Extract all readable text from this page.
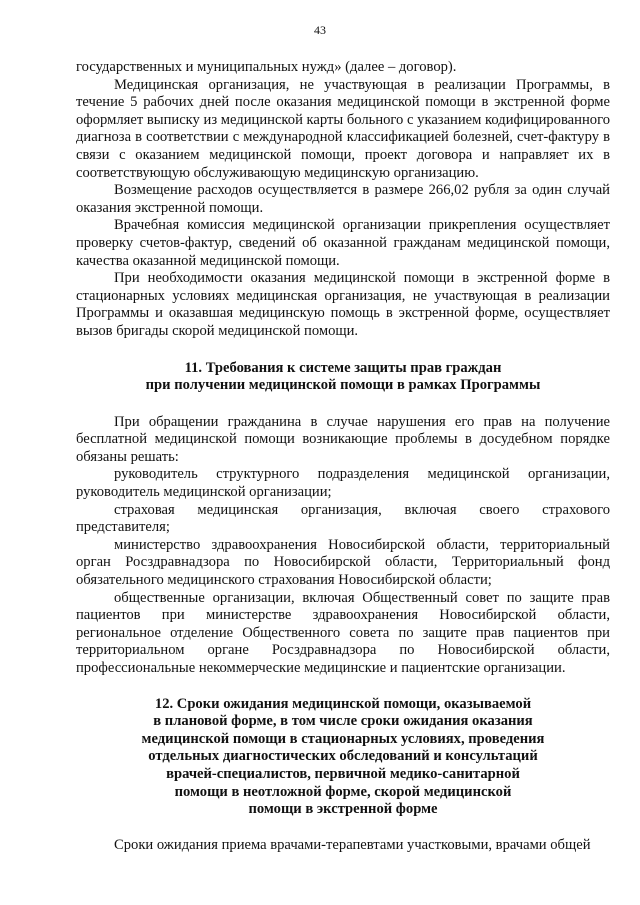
43

государственных и муниципальных нужд» (далее – договор).

Медицинская организация, не участвующая в реализации Программы, в течение 5 рабочих дней после оказания медицинской помощи в экстренной форме оформляет выписку из медицинской карты больного с указанием кодифицированного диагноза в соответствии с международной классификацией болезней, счет-фактуру в связи с оказанием медицинской помощи, проект договора и направляет их в соответствующую обслуживающую медицинскую организацию.

Возмещение расходов осуществляется в размере 266,02 рубля за один случай оказания экстренной помощи.

Врачебная комиссия медицинской организации прикрепления осуществляет проверку счетов-фактур, сведений об оказанной гражданам медицинской помощи, качества оказанной медицинской помощи.

При необходимости оказания медицинской помощи в экстренной форме в стационарных условиях медицинская организация, не участвующая в реализации Программы и оказавшая медицинскую помощь в экстренной форме, осуществляет вызов бригады скорой медицинской помощи.

11. Требования к системе защиты прав граждан
при получении медицинской помощи в рамках Программы

При обращении гражданина в случае нарушения его прав на получение бесплатной медицинской помощи возникающие проблемы в досудебном порядке обязаны решать:

руководитель структурного подразделения медицинской организации, руководитель медицинской организации;

страховая медицинская организация, включая своего страхового представителя;

министерство здравоохранения Новосибирской области, территориальный орган Росздравнадзора по Новосибирской области, Территориальный фонд обязательного медицинского страхования Новосибирской области;

общественные организации, включая Общественный совет по защите прав пациентов при министерстве здравоохранения Новосибирской области, региональное отделение Общественного совета по защите прав пациентов при территориальном органе Росздравнадзора по Новосибирской области, профессиональные некоммерческие медицинские и пациентские организации.

12. Сроки ожидания медицинской помощи, оказываемой
в плановой форме, в том числе сроки ожидания оказания
медицинской помощи в стационарных условиях, проведения
отдельных диагностических обследований и консультаций
врачей-специалистов, первичной медико-санитарной
помощи в неотложной форме, скорой медицинской
помощи в экстренной форме

Сроки ожидания приема врачами-терапевтами участковыми, врачами общей
